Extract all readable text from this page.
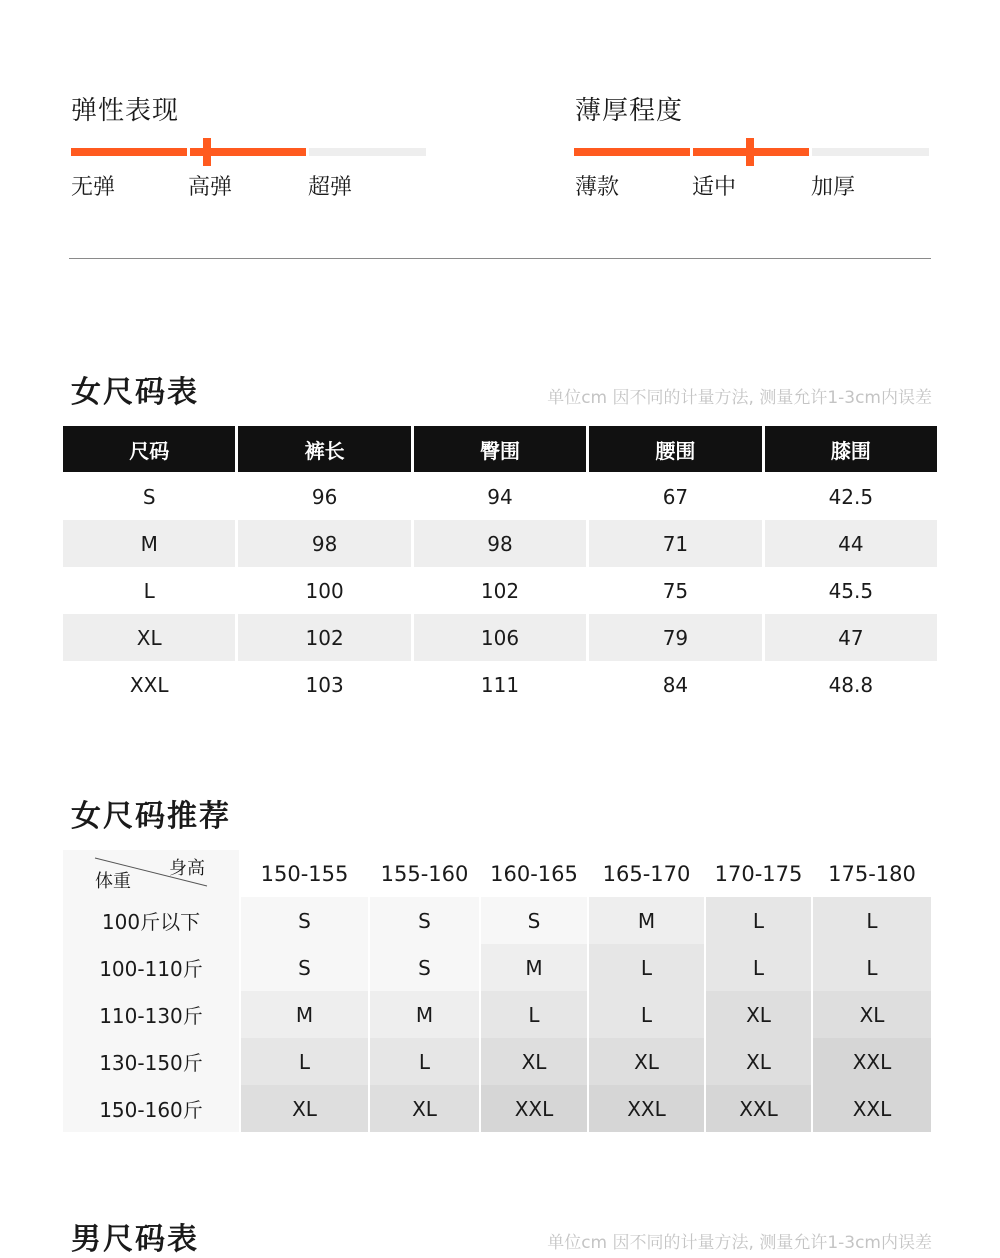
弹性表现
无弹	高弹	超弹
薄厚程度
薄款	适中	加厚
女尺码表	单位cm 因不同的计量方法, 测量允许1-3cm内误差
尺码	裤长	臀围	腰围	膝围
S	96	94	67	42.5
M	98	98	71	44
L	100	102	75	45.5
XL	102	106	79	47
XXL	103	111	84	48.8
女尺码推荐
身高
体重	150-155	155-160	160-165	165-170	170-175	175-180
100斤以下	S	S	S	M	L	L
100-110斤	S	S	M	L	L	L
110-130斤	M	M	L	L	XL	XL
130-150斤	L	L	XL	XL	XL	XXL
150-160斤	XL	XL	XXL	XXL	XXL	XXL
男尺码表	单位cm 因不同的计量方法, 测量允许1-3cm内误差
